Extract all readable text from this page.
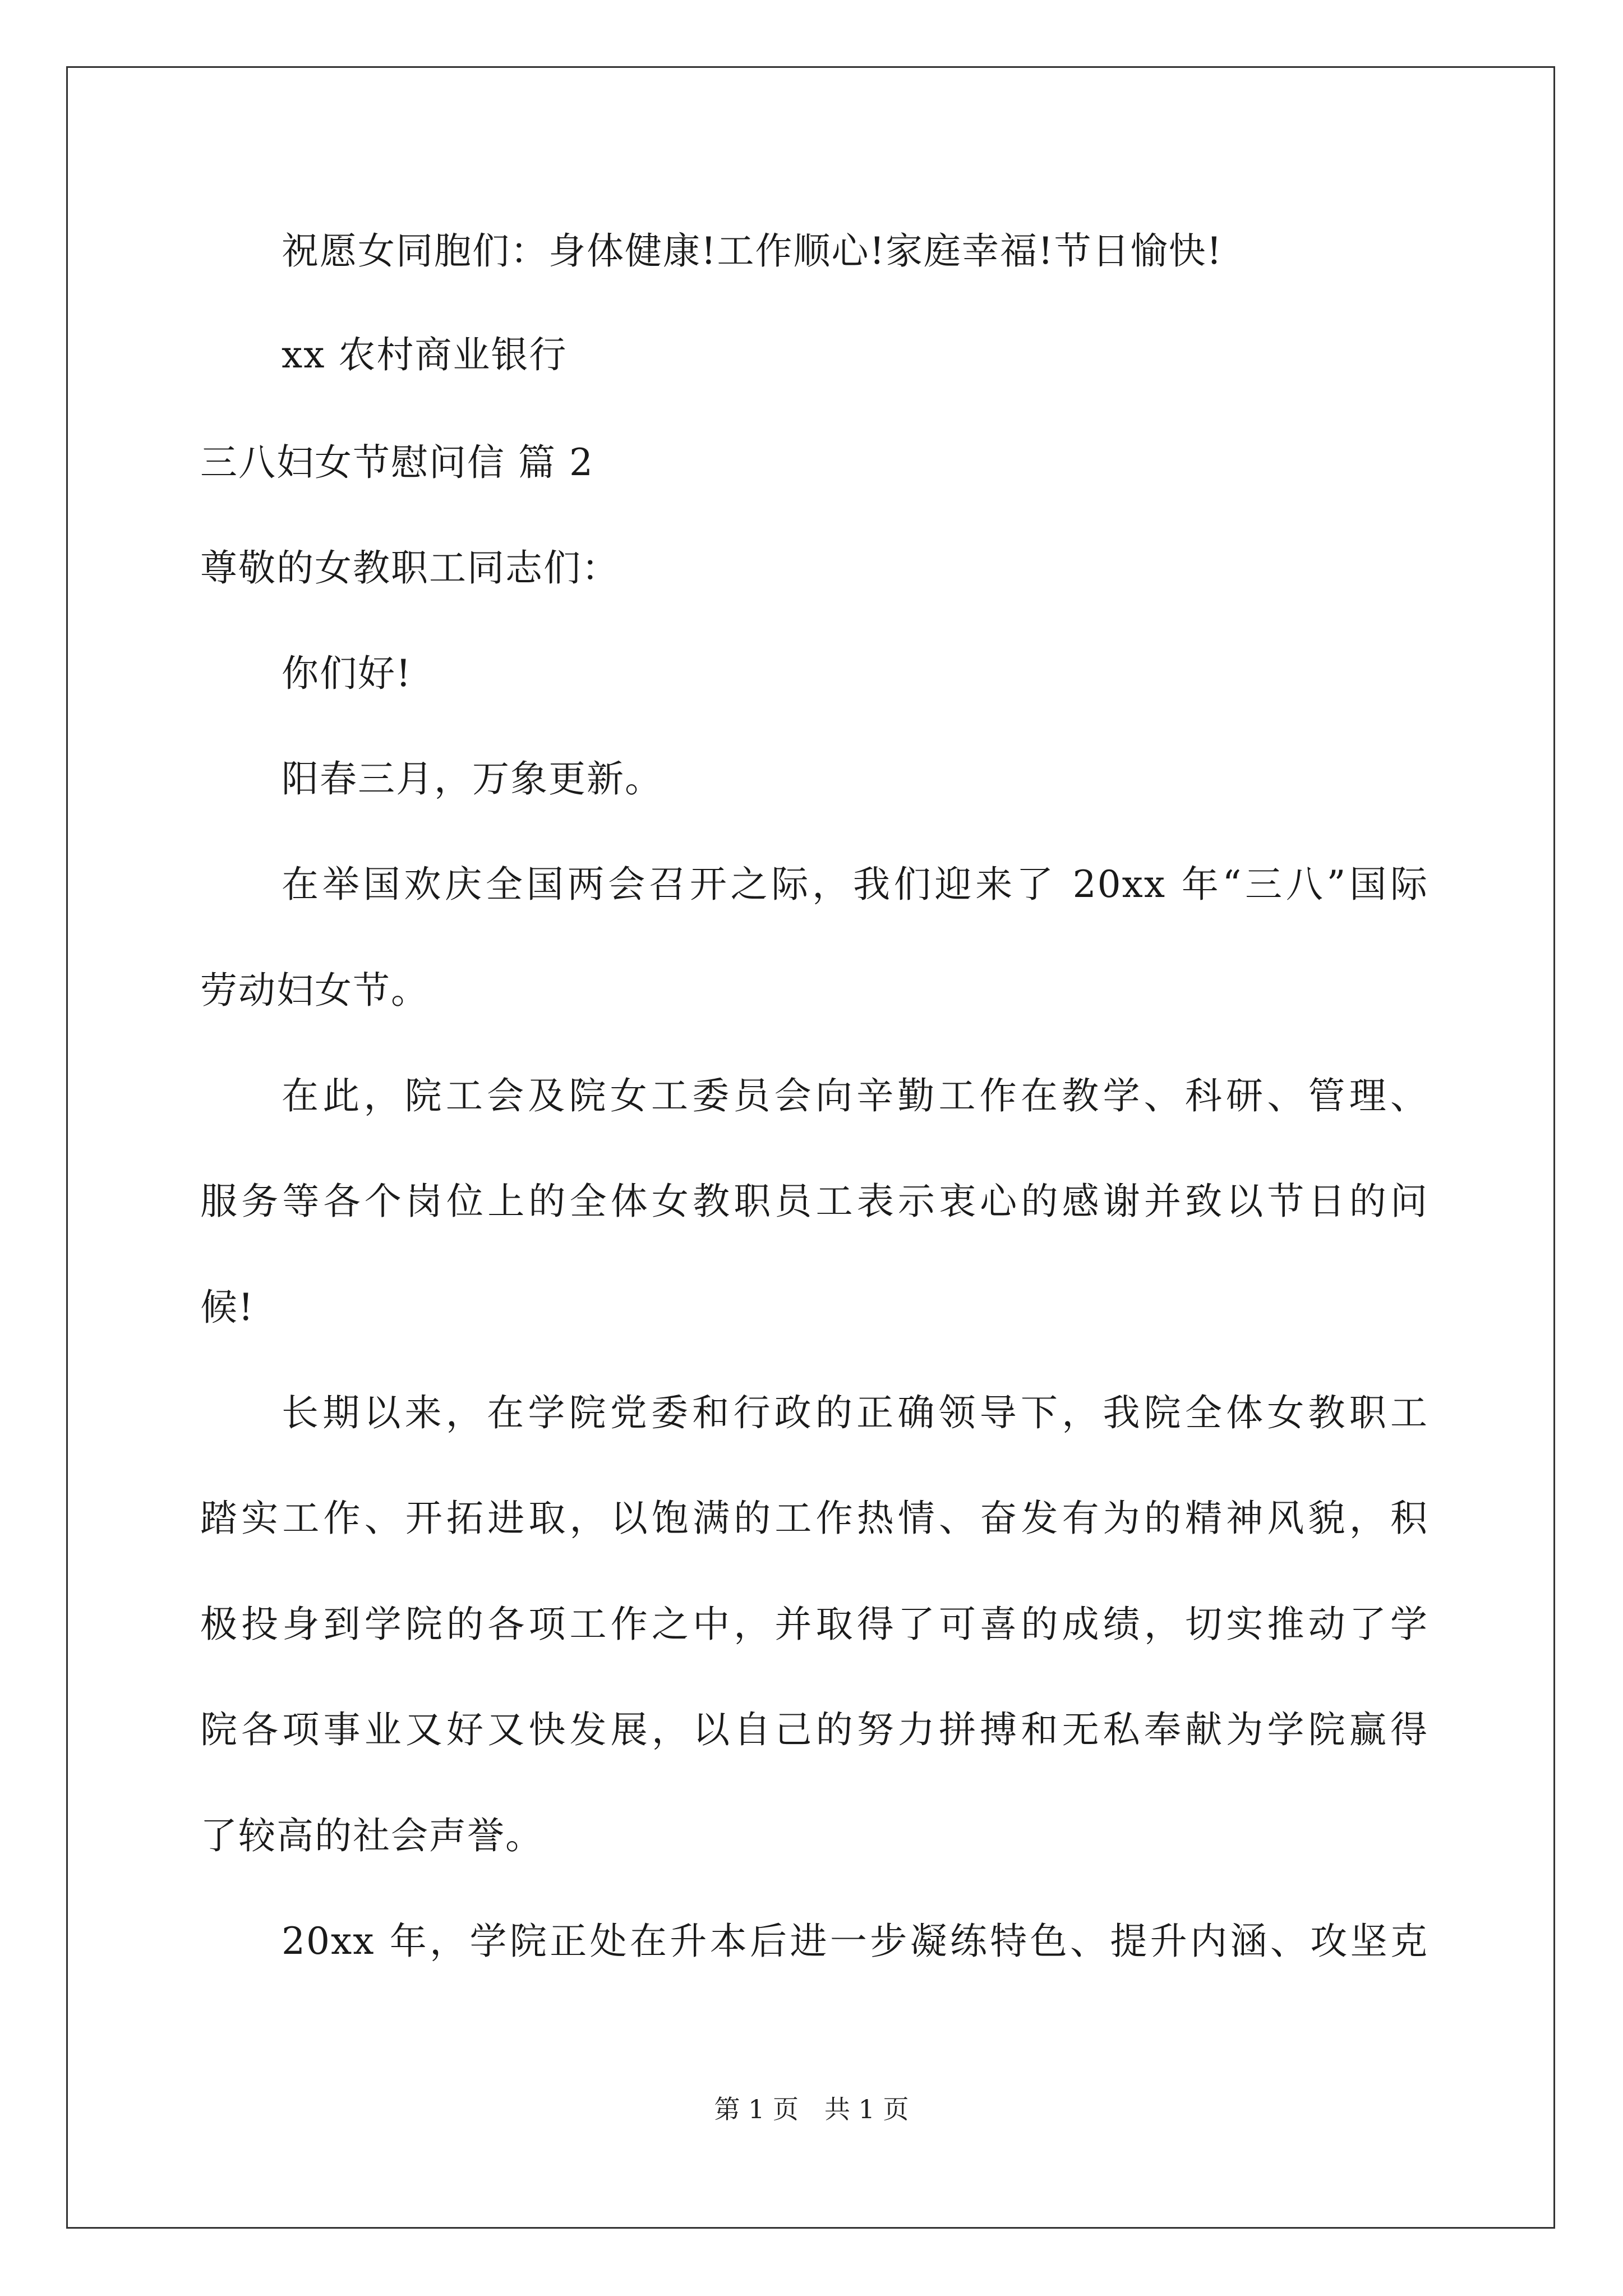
祝愿女同胞们：身体健康!工作顺心!家庭幸福!节日愉快!
xx 农村商业银行
三八妇女节慰问信 篇 2
尊敬的女教职工同志们：
你们好!
阳春三月，万象更新。
在举国欢庆全国两会召开之际，我们迎来了 20xx 年“三八”国际
劳动妇女节。
在此，院工会及院女工委员会向辛勤工作在教学、科研、管理、
服务等各个岗位上的全体女教职员工表示衷心的感谢并致以节日的问
候!
长期以来，在学院党委和行政的正确领导下，我院全体女教职工
踏实工作、开拓进取，以饱满的工作热情、奋发有为的精神风貌，积
极投身到学院的各项工作之中，并取得了可喜的成绩，切实推动了学
院各项事业又好又快发展，以自己的努力拼搏和无私奉献为学院赢得
了较高的社会声誉。
20xx 年，学院正处在升本后进一步凝练特色、提升内涵、攻坚克
第 1 页　共 1 页
